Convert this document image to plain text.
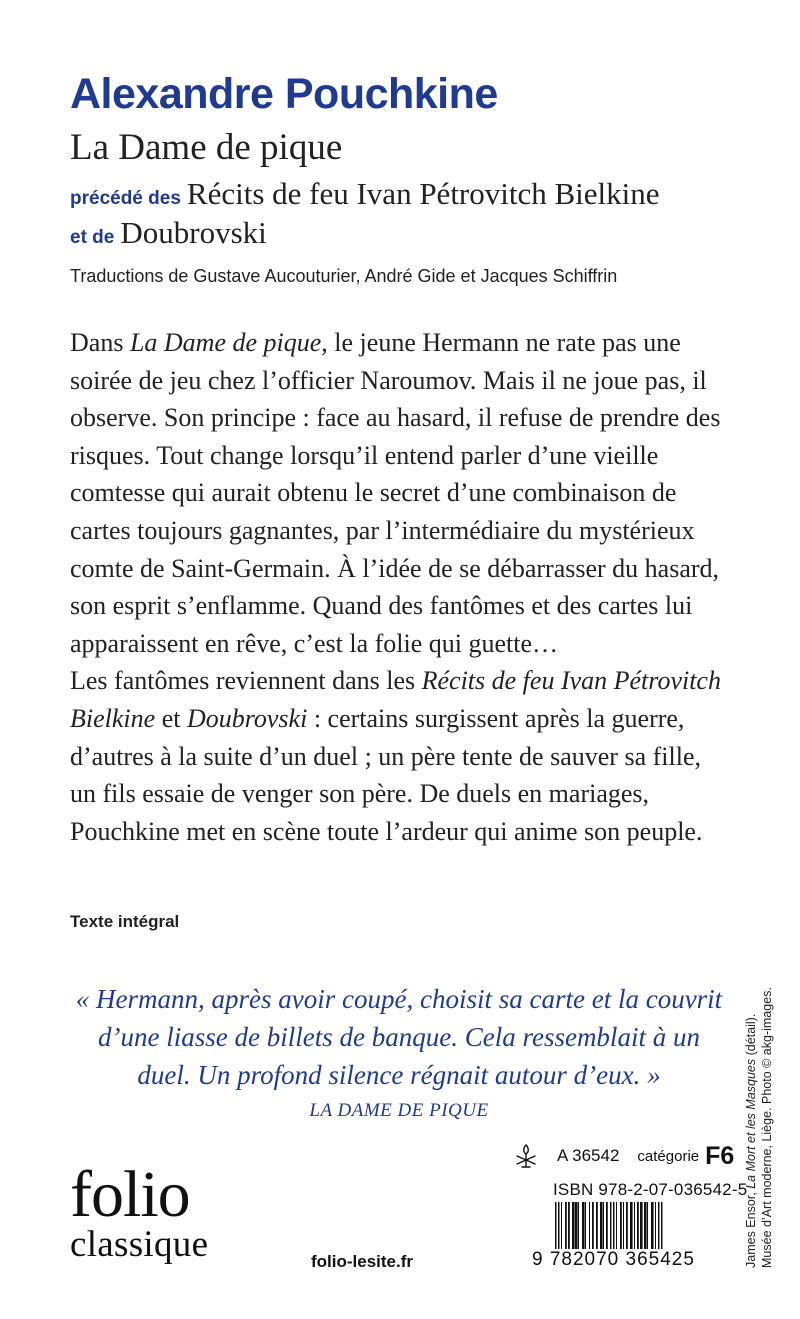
Alexandre Pouchkine
La Dame de pique
précédé des Récits de feu Ivan Pétrovitch Bielkine
et de Doubrovski
Traductions de Gustave Aucouturier, André Gide et Jacques Schiffrin

Dans La Dame de pique, le jeune Hermann ne rate pas une soirée de jeu chez l’officier Naroumov. Mais il ne joue pas, il observe. Son principe : face au hasard, il refuse de prendre des risques. Tout change lorsqu’il entend parler d’une vieille comtesse qui aurait obtenu le secret d’une combinaison de cartes toujours gagnantes, par l’intermédiaire du mystérieux comte de Saint-Germain. À l’idée de se débarrasser du hasard, son esprit s’enflamme. Quand des fantômes et des cartes lui apparaissent en rêve, c’est la folie qui guette…

Les fantômes reviennent dans les Récits de feu Ivan Pétrovitch Bielkine et Doubrovski : certains surgissent après la guerre, d’autres à la suite d’un duel ; un père tente de sauver sa fille, un fils essaie de venger son père. De duels en mariages, Pouchkine met en scène toute l’ardeur qui anime son peuple.

Texte intégral
« Hermann, après avoir coupé, choisit sa carte et la couvrit d’une liasse de billets de banque. Cela ressemblait à un duel. Un profond silence régnait autour d’eux. »
LA DAME DE PIQUE
folio
classique	folio-lesite.fr
A 36542 catégorie F6
ISBN 978-2-07-036542-5
9 782070 365425	James Ensor, La Mort et les Masques (détail). Musée d’Art moderne, Liège. Photo © akg-images.
